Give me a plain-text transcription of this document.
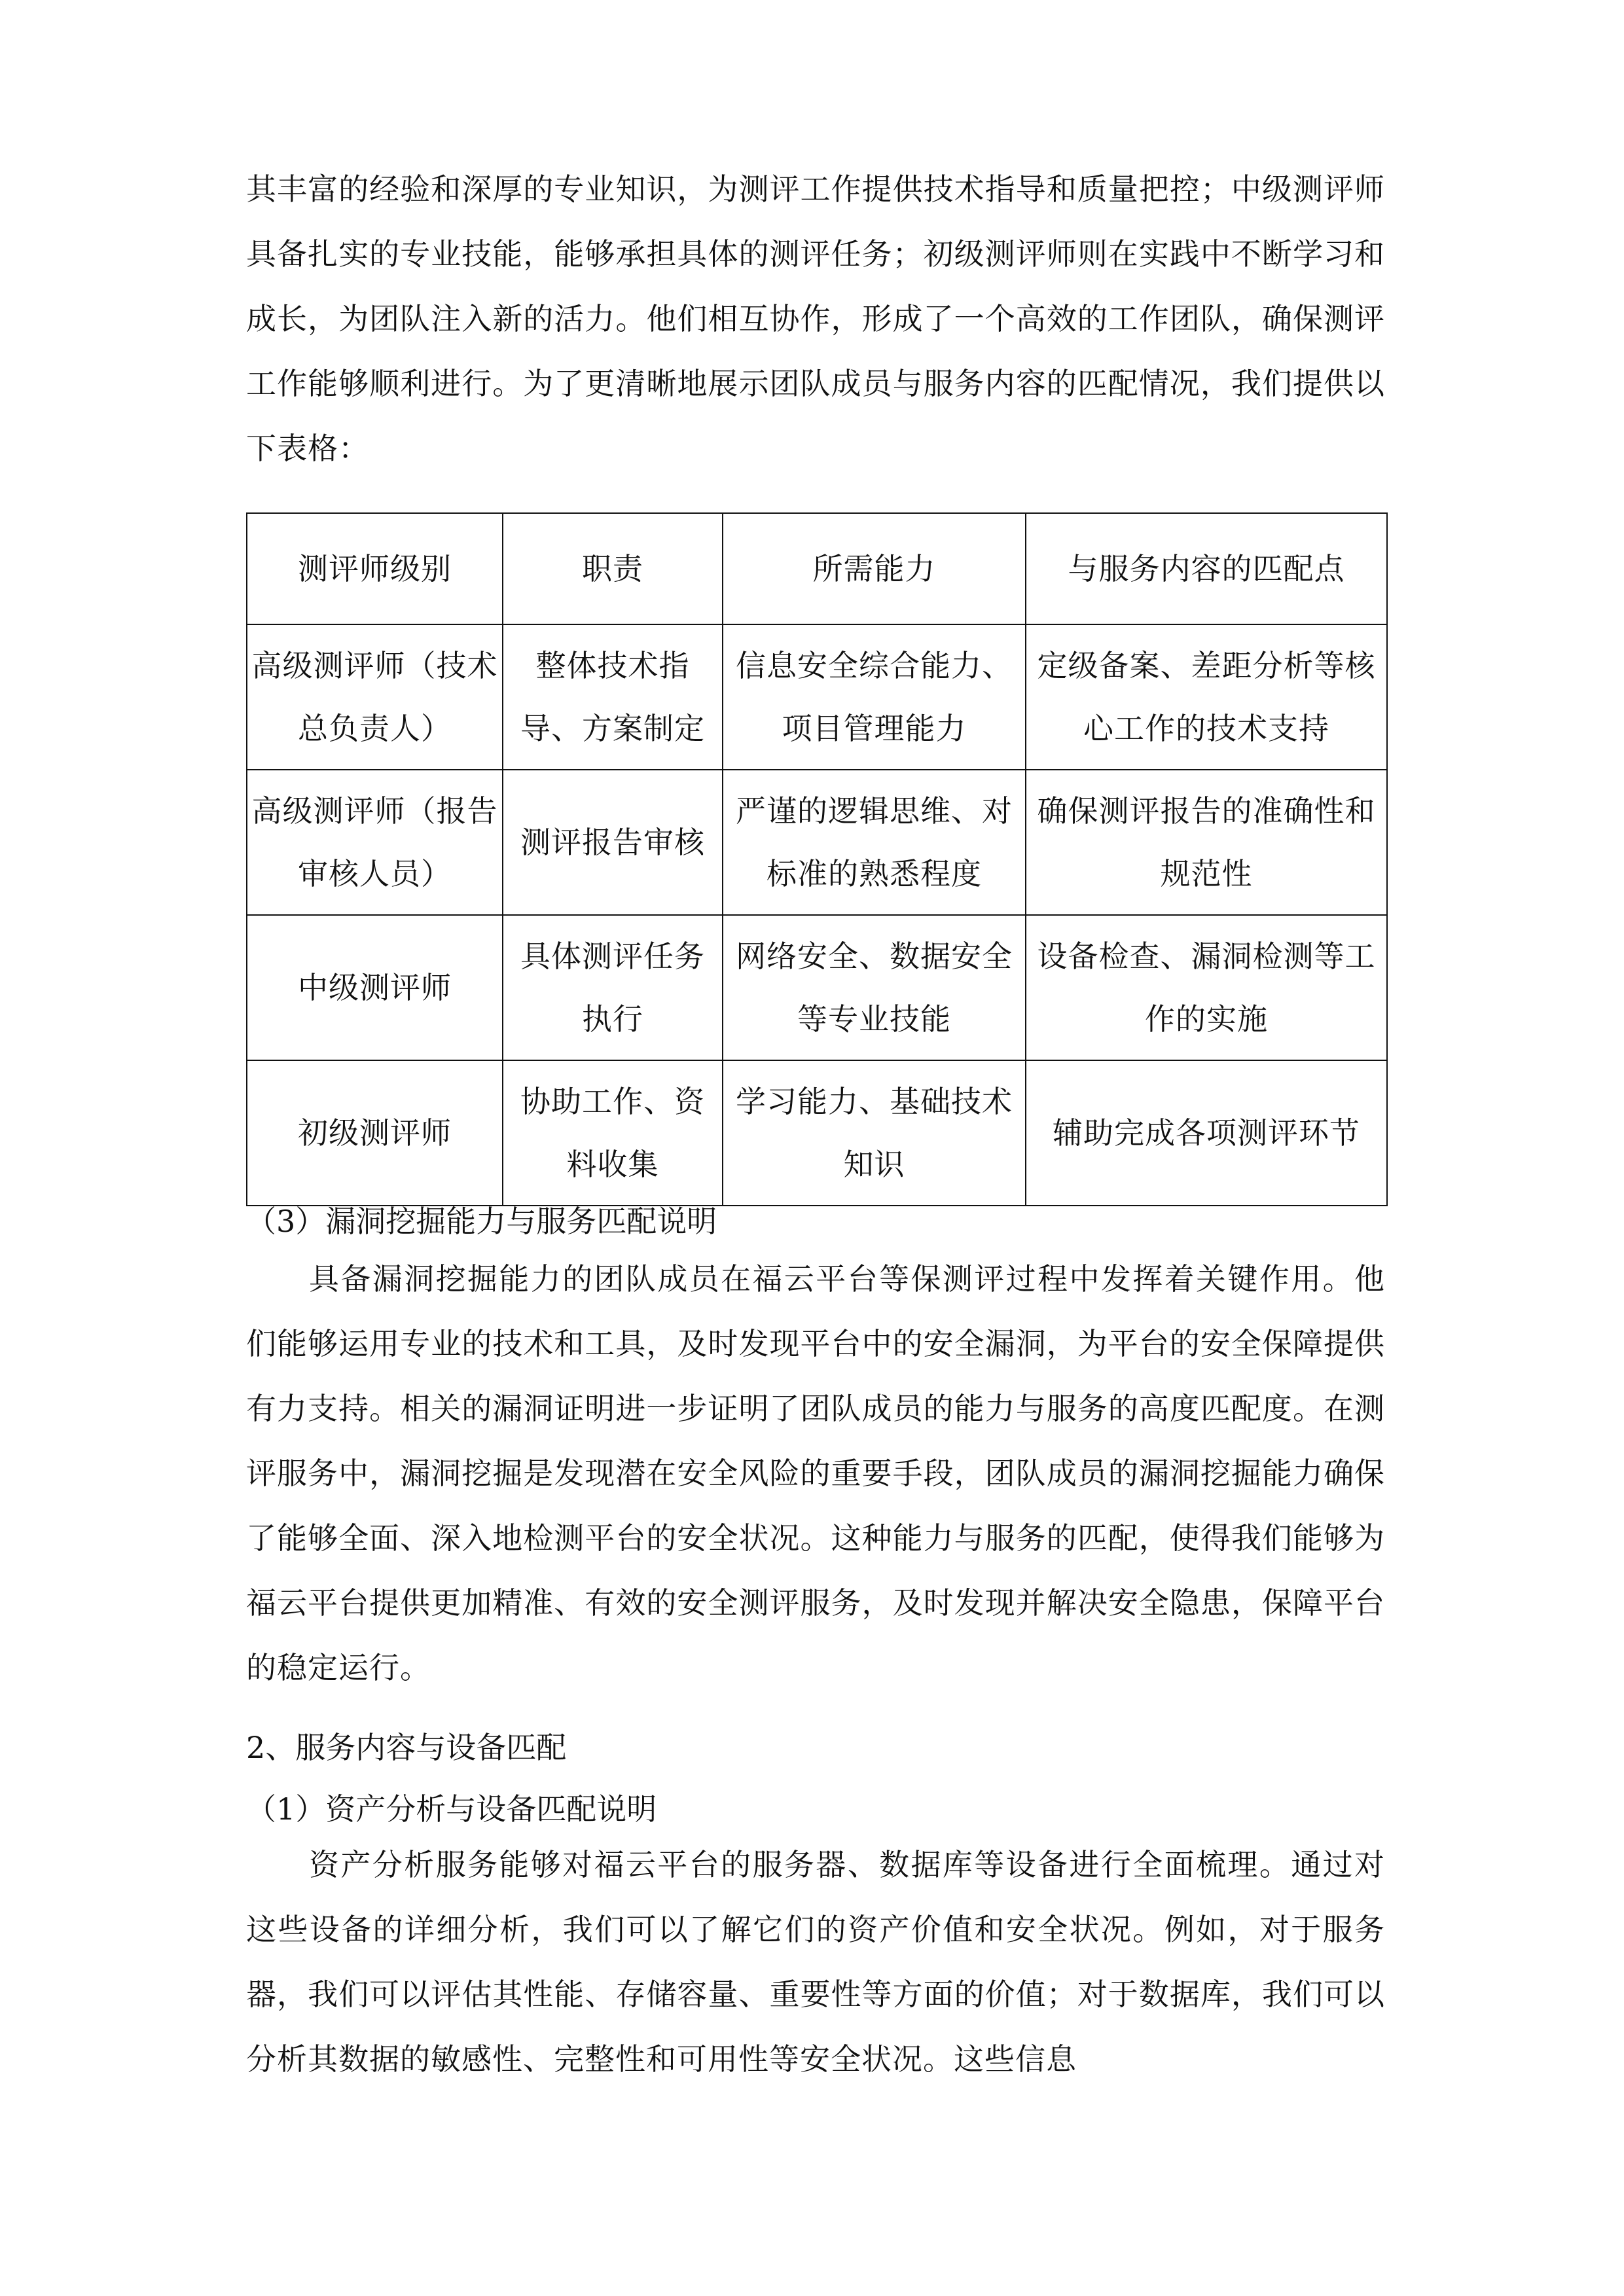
其丰富的经验和深厚的专业知识，为测评工作提供技术指导和质量把控；中级测评师具备扎实的专业技能，能够承担具体的测评任务；初级测评师则在实践中不断学习和成长，为团队注入新的活力。他们相互协作，形成了一个高效的工作团队，确保测评工作能够顺利进行。为了更清晰地展示团队成员与服务内容的匹配情况，我们提供以下表格：

测评师级别	职责	所需能力	与服务内容的匹配点
高级测评师（技术总负责人）	整体技术指导、方案制定	信息安全综合能力、项目管理能力	定级备案、差距分析等核心工作的技术支持
高级测评师（报告审核人员）	测评报告审核	严谨的逻辑思维、对标准的熟悉程度	确保测评报告的准确性和规范性
中级测评师	具体测评任务执行	网络安全、数据安全等专业技能	设备检查、漏洞检测等工作的实施
初级测评师	协助工作、资料收集	学习能力、基础技术知识	辅助完成各项测评环节
（3）漏洞挖掘能力与服务匹配说明

具备漏洞挖掘能力的团队成员在福云平台等保测评过程中发挥着关键作用。他们能够运用专业的技术和工具，及时发现平台中的安全漏洞，为平台的安全保障提供有力支持。相关的漏洞证明进一步证明了团队成员的能力与服务的高度匹配度。在测评服务中，漏洞挖掘是发现潜在安全风险的重要手段，团队成员的漏洞挖掘能力确保了能够全面、深入地检测平台的安全状况。这种能力与服务的匹配，使得我们能够为福云平台提供更加精准、有效的安全测评服务，及时发现并解决安全隐患，保障平台的稳定运行。

2、服务内容与设备匹配
（1）资产分析与设备匹配说明

资产分析服务能够对福云平台的服务器、数据库等设备进行全面梳理。通过对这些设备的详细分析，我们可以了解它们的资产价值和安全状况。例如，对于服务器，我们可以评估其性能、存储容量、重要性等方面的价值；对于数据库，我们可以分析其数据的敏感性、完整性和可用性等安全状况。这些信息
